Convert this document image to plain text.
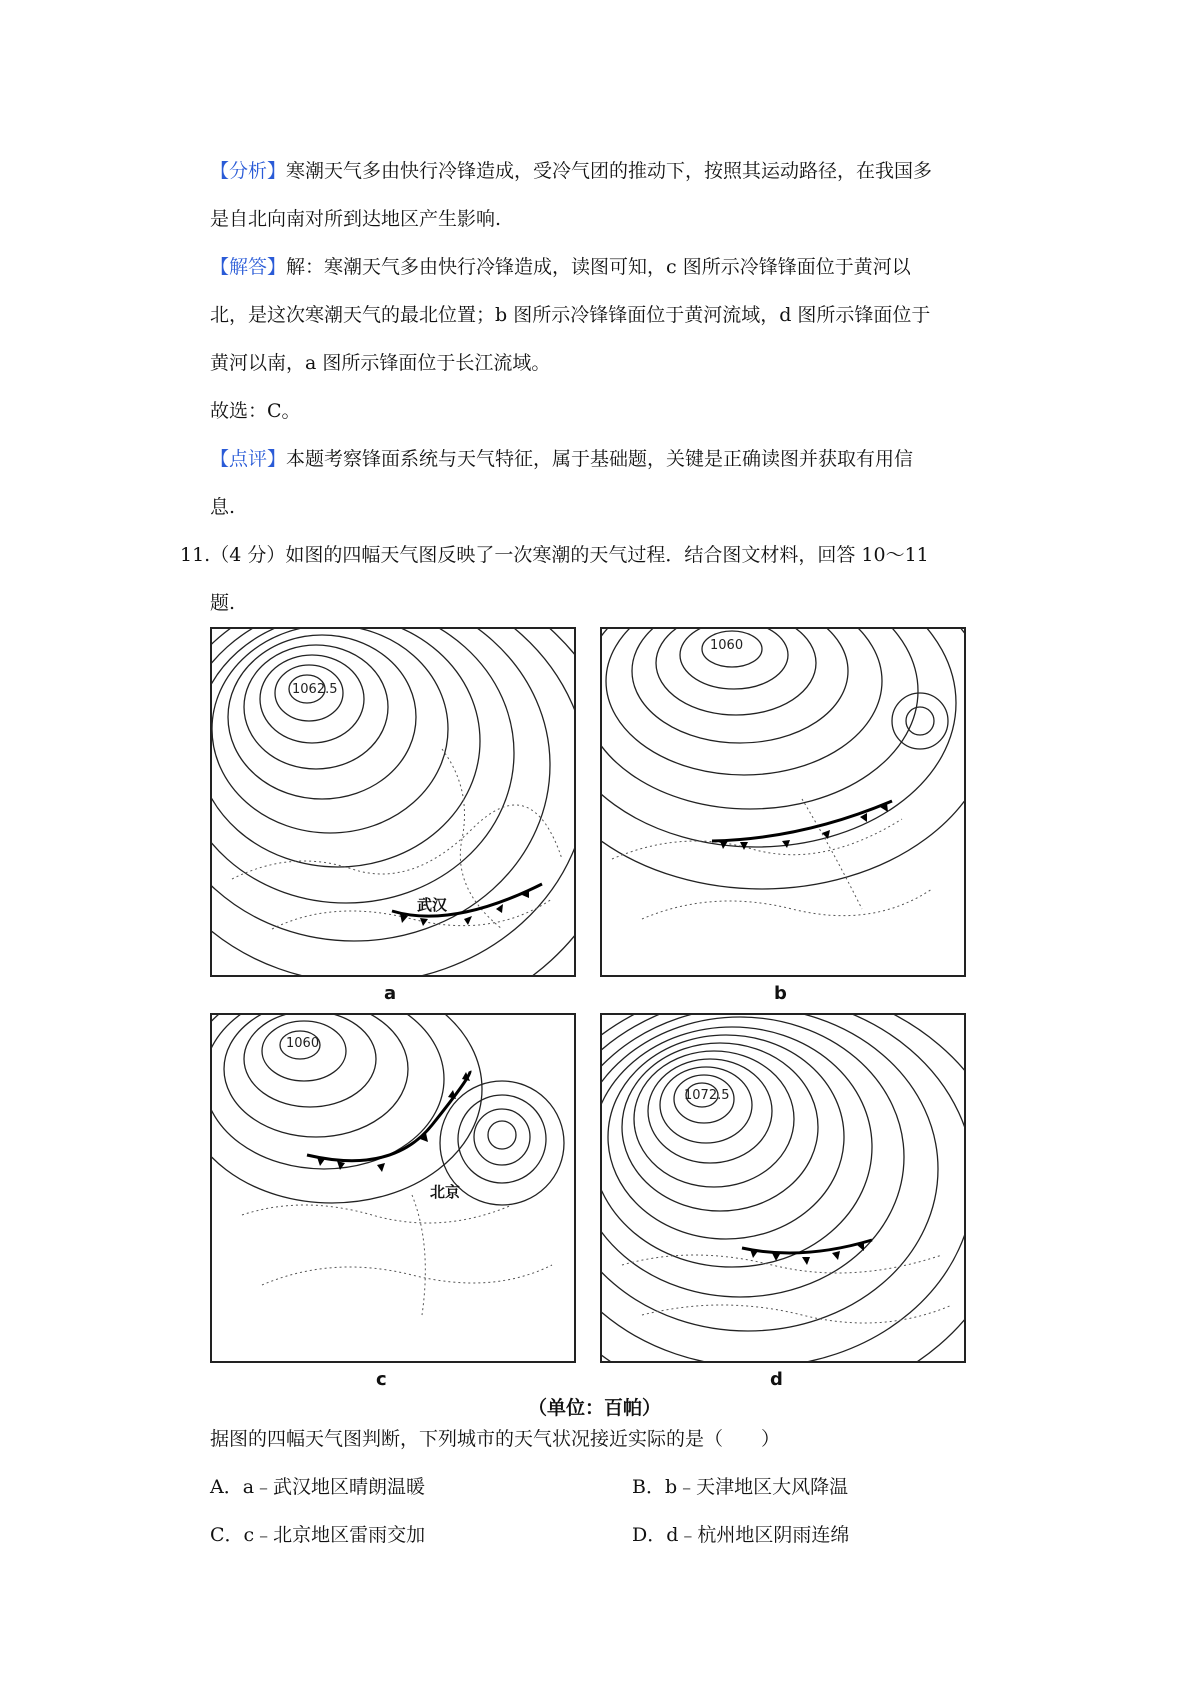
【分析】寒潮天气多由快行冷锋造成，受冷气团的推动下，按照其运动路径，在我国多
是自北向南对所到达地区产生影响.
【解答】解：寒潮天气多由快行冷锋造成，读图可知，c 图所示冷锋锋面位于黄河以
北，是这次寒潮天气的最北位置；b 图所示冷锋锋面位于黄河流域，d 图所示锋面位于
黄河以南，a 图所示锋面位于长江流域。
故选：C。
【点评】本题考察锋面系统与天气特征，属于基础题，关键是正确读图并获取有用信
息.
11.（4 分）如图的四幅天气图反映了一次寒潮的天气过程．结合图文材料，回答 10～11
题.
1062.5
武汉
a
1060
b
1060
北京
c
1072.5
d
（单位：百帕）
据图的四幅天气图判断，下列城市的天气状况接近实际的是（　　）
A．a﹣武汉地区晴朗温暖	B．b﹣天津地区大风降温
C．c﹣北京地区雷雨交加	D．d﹣杭州地区阴雨连绵
